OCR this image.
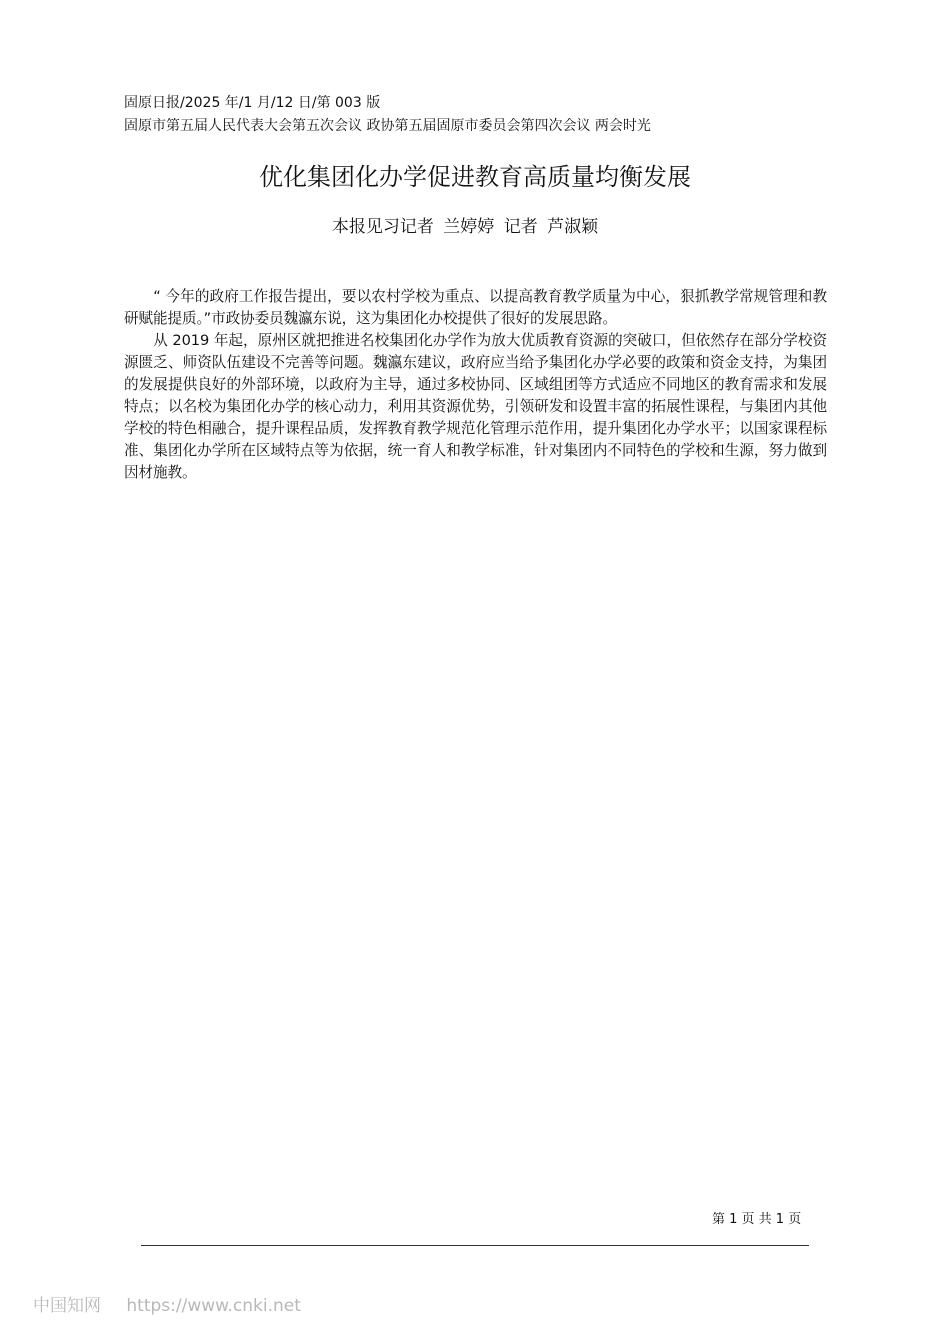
固原日报/2025 年/1 月/12 日/第 003 版
固原市第五届人民代表大会第五次会议 政协第五届固原市委员会第四次会议 两会时光
优化集团化办学促进教育高质量均衡发展
本报见习记者 兰婷婷 记者 芦淑颖

“ 今年的政府工作报告提出，要以农村学校为重点、以提高教育教学质量为中心，狠抓教学常规管理和教研赋能提质。”市政协委员魏瀛东说，这为集团化办校提供了很好的发展思路。

从 2019 年起，原州区就把推进名校集团化办学作为放大优质教育资源的突破口，但依然存在部分学校资源匮乏、师资队伍建设不完善等问题。魏瀛东建议，政府应当给予集团化办学必要的政策和资金支持，为集团的发展提供良好的外部环境，以政府为主导，通过多校协同、区域组团等方式适应不同地区的教育需求和发展特点；以名校为集团化办学的核心动力，利用其资源优势，引领研发和设置丰富的拓展性课程，与集团内其他学校的特色相融合，提升课程品质，发挥教育教学规范化管理示范作用，提升集团化办学水平；以国家课程标准、集团化办学所在区域特点等为依据，统一育人和教学标准，针对集团内不同特色的学校和生源，努力做到因材施教。

第 1 页 共 1 页
中国知网 https://www.cnki.net
